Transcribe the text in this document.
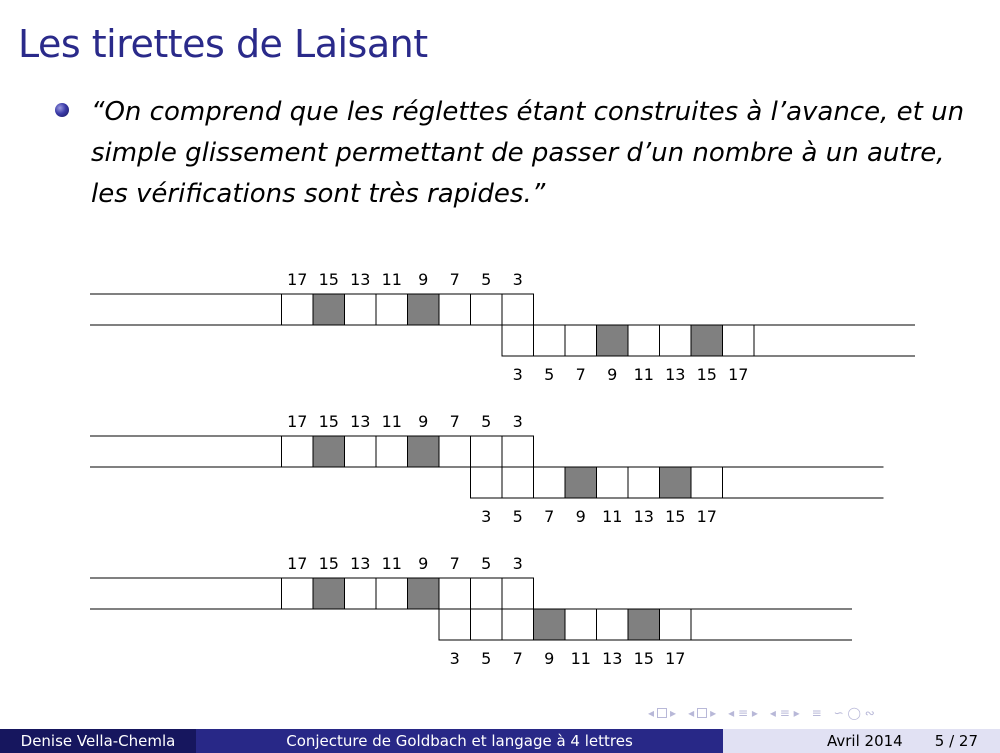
Les tirettes de Laisant

“On comprend que les réglettes étant construites à l’avance, et un simple glissement permettant de passer d’un nombre à un autre, les vérifications sont très rapides.”

17 15 13 11 9 7 5 3
3 5 7 9 11 13 15 17
17 15 13 11 9 7 5 3
3 5 7 9 11 13 15 17
17 15 13 11 9 7 5 3
3 5 7 9 11 13 15 17
◂ ▸ ◂ ▸ ◂ ≡ ▸ ◂ ≡ ▸ ≡ ∽ ◯ ∾
Denise Vella-Chemla	Conjecture de Goldbach et langage à 4 lettres	Avril 2014 5 / 27
